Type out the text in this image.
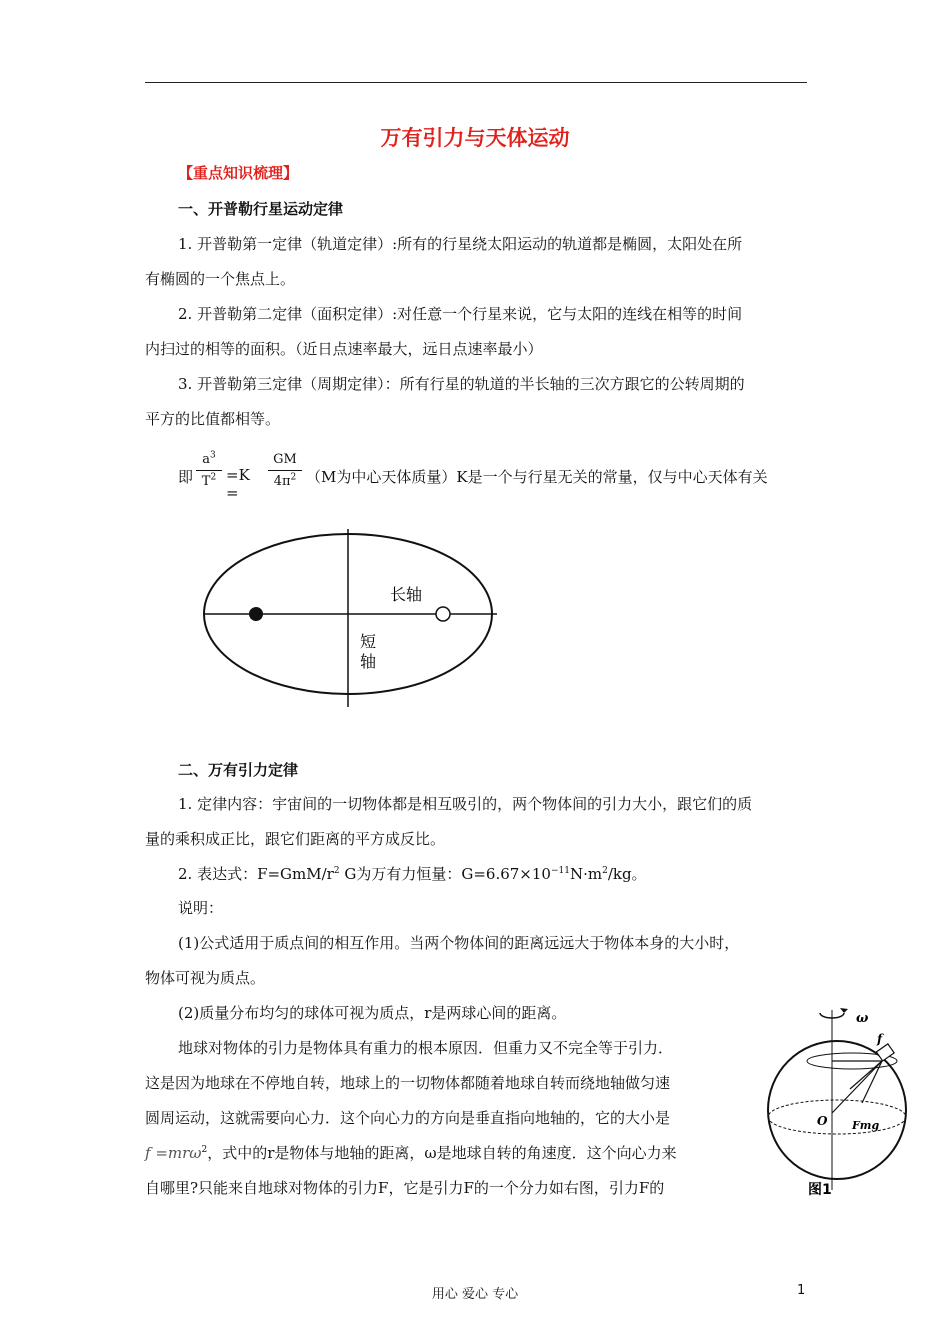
万有引力与天体运动
【重点知识梳理】
一、开普勒行星运动定律
1. 开普勒第一定律（轨道定律）:所有的行星绕太阳运动的轨道都是椭圆，太阳处在所
有椭圆的一个焦点上。
2. 开普勒第二定律（面积定律）:对任意一个行星来说，它与太阳的连线在相等的时间
内扫过的相等的面积。（近日点速率最大，远日点速率最小）
3. 开普勒第三定律（周期定律）：所有行星的轨道的半长轴的三次方跟它的公转周期的
平方的比值都相等。
即
$a^3$
$T^2 =K$ =
GM
$4\pi^2$ （M为中心天体质量）K是一个与行星无关的常量，仅与中心天体有关
长轴
短
轴
二、万有引力定律
1. 定律内容：宇宙间的一切物体都是相互吸引的，两个物体间的引力大小，跟它们的质
量的乘积成正比，跟它们距离的平方成反比。
2. 表达式：$F=GmM/r^2$ G为万有力恒量：$G=6.67\times 10^{-11}N\cdot m^2/kg$。
说明：
(1)公式适用于质点间的相互作用。当两个物体间的距离远远大于物体本身的大小时，
物体可视为质点。
(2)质量分布均匀的球体可视为质点，r是两球心间的距离。
地球对物体的引力是物体具有重力的根本原因．但重力又不完全等于引力．
这是因为地球在不停地自转，地球上的一切物体都随着地球自转而绕地轴做匀速
圆周运动，这就需要向心力．这个向心力的方向是垂直指向地轴的，它的大小是
f =mrω$^2$，式中的r是物体与地轴的距离，ω是地球自转的角速度．这个向心力来
自哪里?只能来自地球对物体的引力F，它是引力F的一个分力如右图，引力F的
ω
f
O Fmg
图1
用心 爱心 专心	1
